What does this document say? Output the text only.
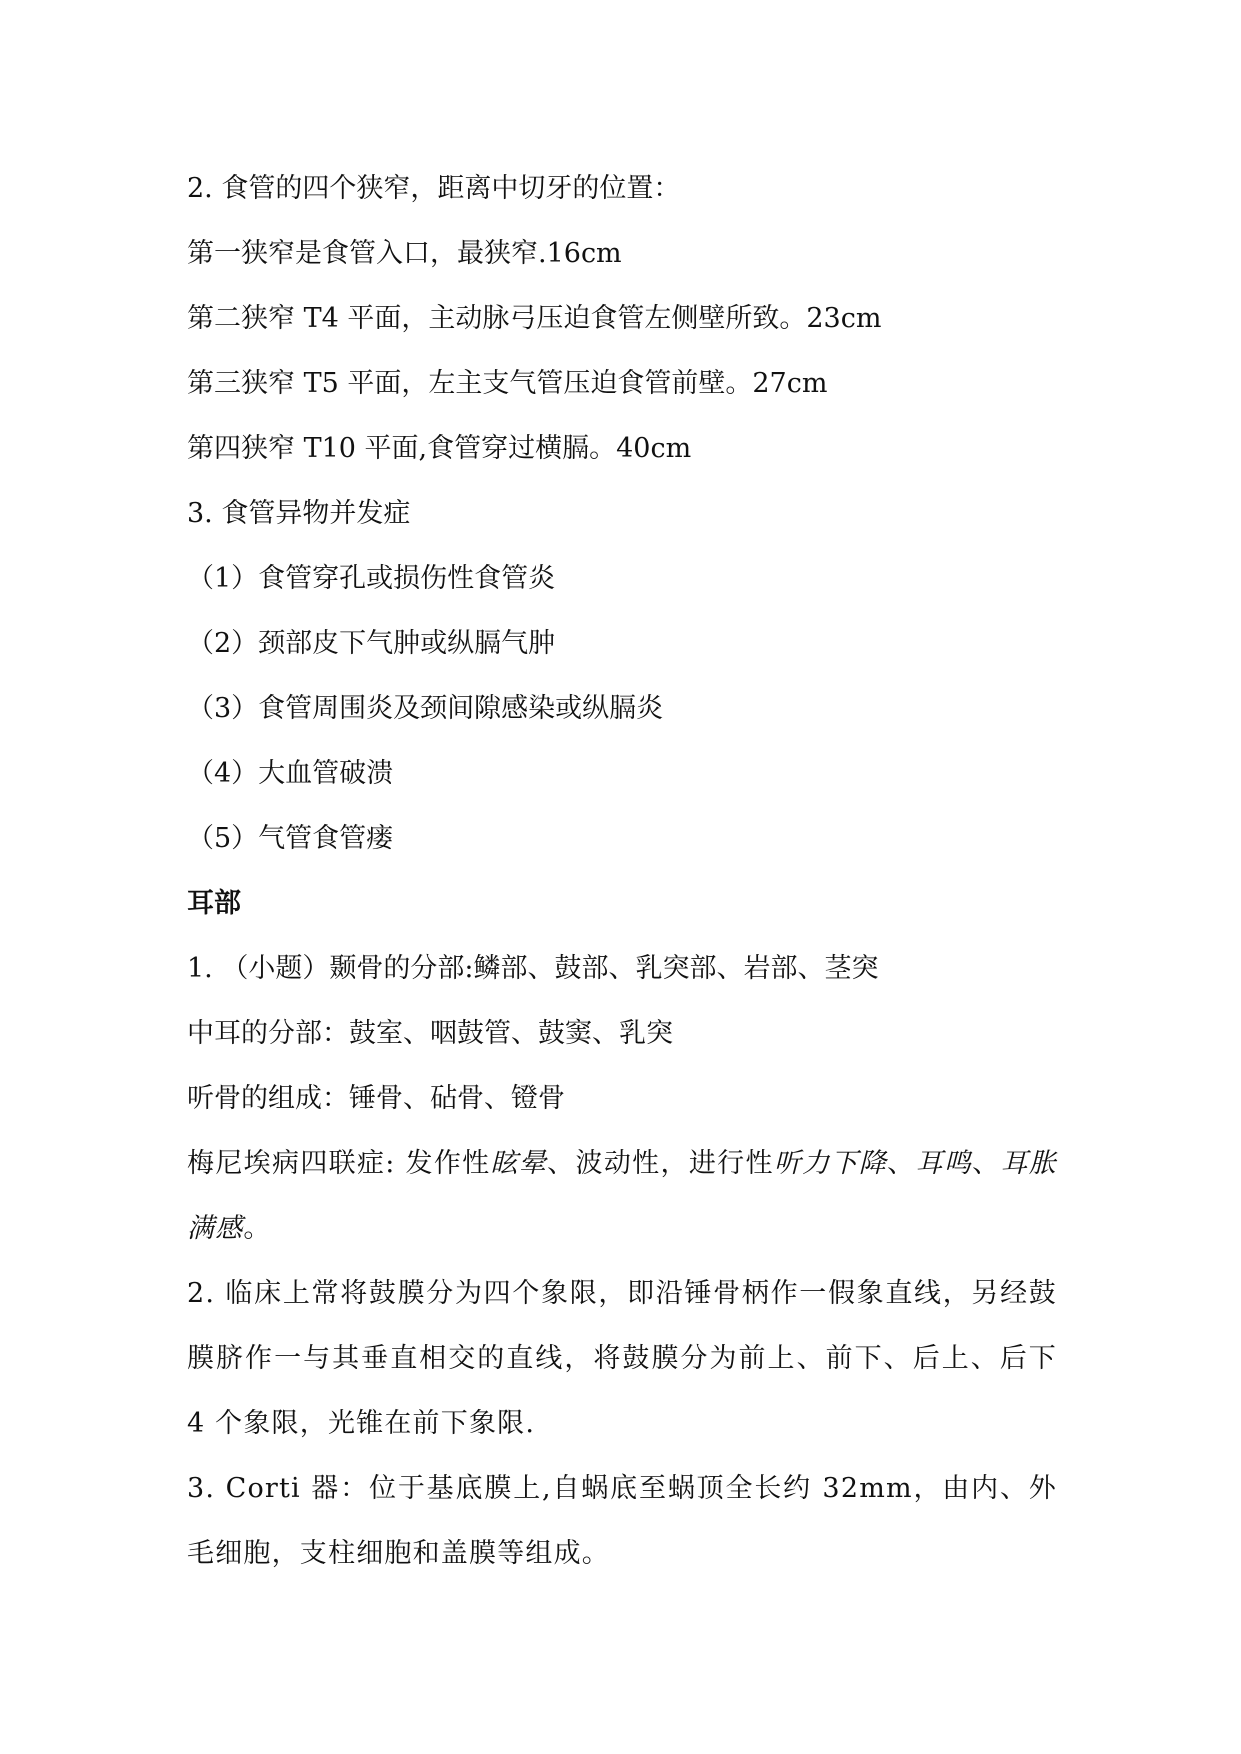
2. 食管的四个狭窄，距离中切牙的位置：

第一狭窄是食管入口，最狭窄.16cm

第二狭窄 T4 平面，主动脉弓压迫食管左侧壁所致。23cm

第三狭窄 T5 平面，左主支气管压迫食管前壁。27cm

第四狭窄 T10 平面,食管穿过横膈。40cm

3. 食管异物并发症

（1）食管穿孔或损伤性食管炎

（2）颈部皮下气肿或纵膈气肿

（3）食管周围炎及颈间隙感染或纵膈炎

（4）大血管破溃

（5）气管食管瘘

耳部

1. （小题）颞骨的分部:鳞部、鼓部、乳突部、岩部、茎突

中耳的分部：鼓室、咽鼓管、鼓窦、乳突

听骨的组成：锤骨、砧骨、镫骨

梅尼埃病四联症: 发作性眩晕、波动性，进行性听力下降、耳鸣、耳胀满感。

2. 临床上常将鼓膜分为四个象限，即沿锤骨柄作一假象直线，另经鼓膜脐作一与其垂直相交的直线，将鼓膜分为前上、前下、后上、后下 4 个象限，光锥在前下象限.

3. Corti 器：位于基底膜上,自蜗底至蜗顶全长约 32mm，由内、外毛细胞，支柱细胞和盖膜等组成。
